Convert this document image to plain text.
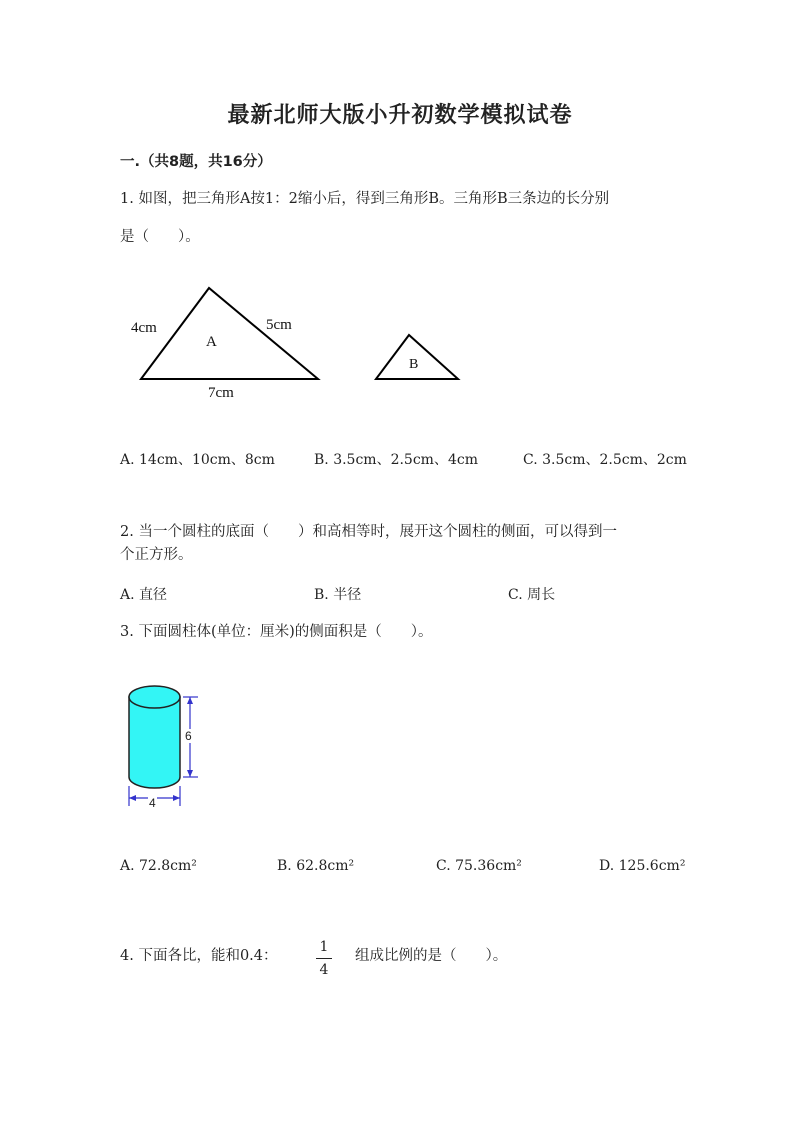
最新北师大版小升初数学模拟试卷
一.（共8题，共16分）
1. 如图，把三角形A按1：2缩小后，得到三角形B。三角形B三条边的长分别
是（　　）。
4cm	5cm
7cm
A
B
A. 14cm、10cm、8cm	B. 3.5cm、2.5cm、4cm	C. 3.5cm、2.5cm、2cm
2. 当一个圆柱的底面（　　）和高相等时，展开这个圆柱的侧面，可以得到一
个正方形。
A. 直径	B. 半径	C. 周长
3. 下面圆柱体(单位：厘米)的侧面积是（　　）。
6
4
A. 72.8cm²	B. 62.8cm²	C. 75.36cm²	D. 125.6cm²
4. 下面各比，能和0.4：
1
4
组成比例的是（　　）。
